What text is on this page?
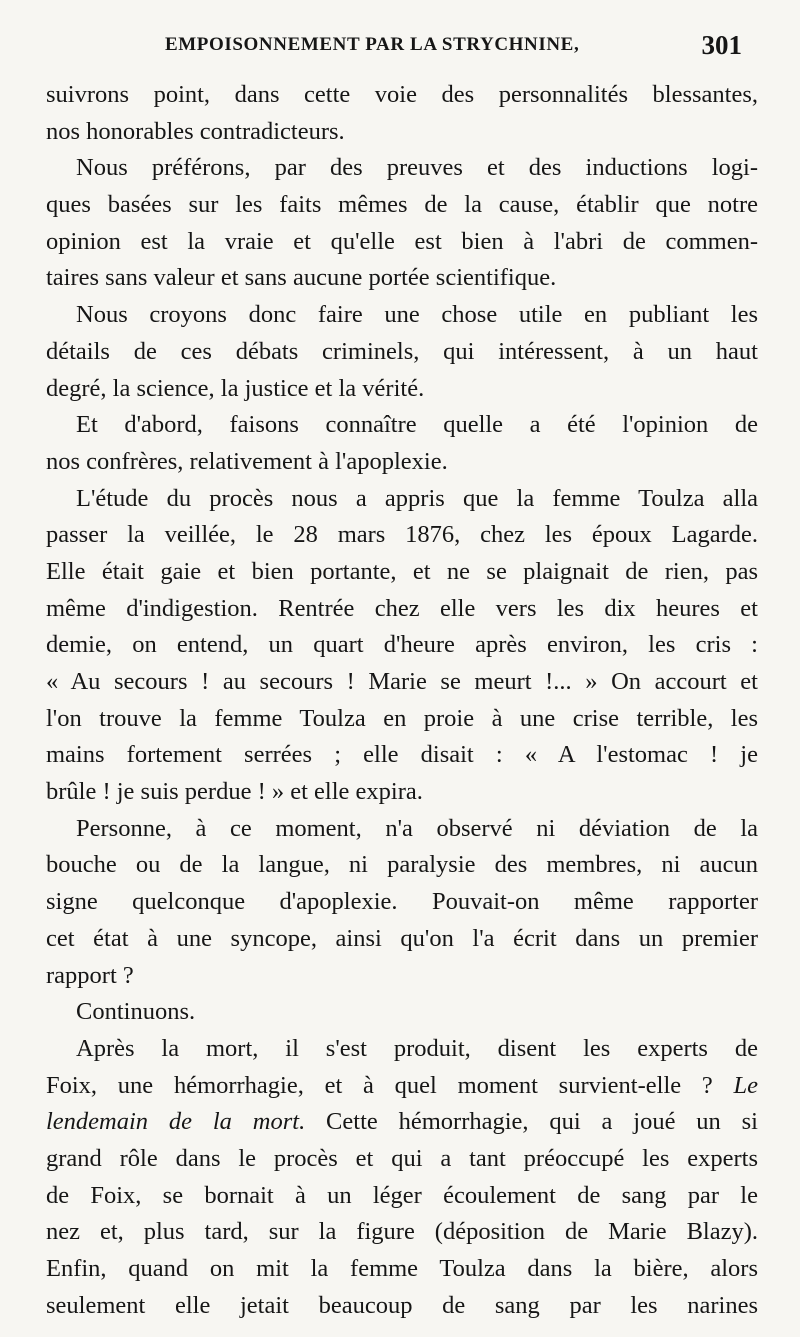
EMPOISONNEMENT PAR LA STRYCHNINE,	301
suivrons point, dans cette voie des personnalités blessantes,
nos honorables contradicteurs.
Nous préférons, par des preuves et des inductions logi-
ques basées sur les faits mêmes de la cause, établir que notre
opinion est la vraie et qu'elle est bien à l'abri de commen-
taires sans valeur et sans aucune portée scientifique.
Nous croyons donc faire une chose utile en publiant les
détails de ces débats criminels, qui intéressent, à un haut
degré, la science, la justice et la vérité.
Et d'abord, faisons connaître quelle a été l'opinion de
nos confrères, relativement à l'apoplexie.
L'étude du procès nous a appris que la femme Toulza alla
passer la veillée, le 28 mars 1876, chez les époux Lagarde.
Elle était gaie et bien portante, et ne se plaignait de rien, pas
même d'indigestion. Rentrée chez elle vers les dix heures et
demie, on entend, un quart d'heure après environ, les cris :
« Au secours ! au secours ! Marie se meurt !... » On accourt et
l'on trouve la femme Toulza en proie à une crise terrible, les
mains fortement serrées ; elle disait : « A l'estomac ! je
brûle ! je suis perdue ! » et elle expira.
Personne, à ce moment, n'a observé ni déviation de la
bouche ou de la langue, ni paralysie des membres, ni aucun
signe quelconque d'apoplexie. Pouvait-on même rapporter
cet état à une syncope, ainsi qu'on l'a écrit dans un premier
rapport ?
Continuons.
Après la mort, il s'est produit, disent les experts de
Foix, une hémorrhagie, et à quel moment survient-elle ? Le
lendemain de la mort. Cette hémorrhagie, qui a joué un si
grand rôle dans le procès et qui a tant préoccupé les experts
de Foix, se bornait à un léger écoulement de sang par le
nez et, plus tard, sur la figure (déposition de Marie Blazy).
Enfin, quand on mit la femme Toulza dans la bière, alors
seulement elle jetait beaucoup de sang par les narines
